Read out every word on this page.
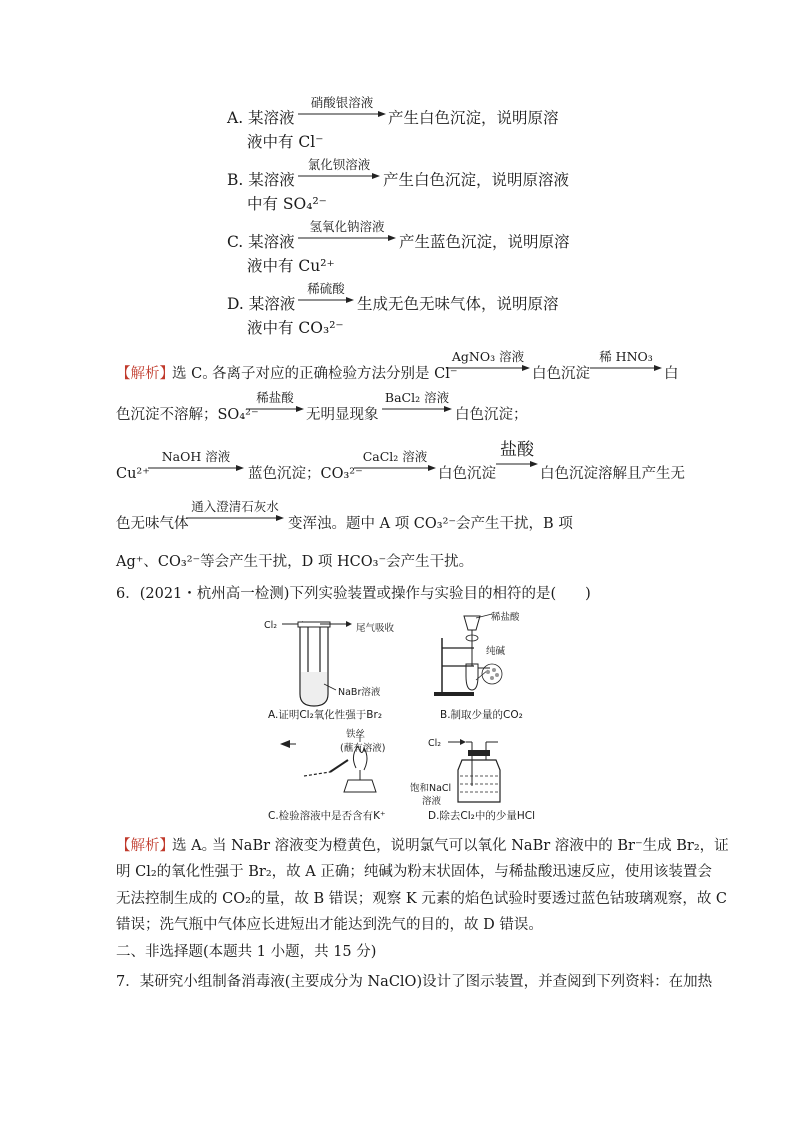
A. 某溶液
硝酸银溶液
产生白色沉淀，说明原溶
液中有 Cl⁻
B. 某溶液
氯化钡溶液
产生白色沉淀，说明原溶液
中有 SO₄²⁻
C. 某溶液
氢氧化钠溶液
产生蓝色沉淀，说明原溶
液中有 Cu²⁺
D. 某溶液
稀硫酸
生成无色无味气体，说明原溶
液中有 CO₃²⁻
【解析】
选 C。
各离子对应的正确检验方法分别是 Cl⁻
AgNO₃ 溶液
白色沉淀
稀 HNO₃
白
色沉淀不溶解；SO₄²⁻
稀盐酸
无明显现象
BaCl₂ 溶液
白色沉淀；
Cu²⁺
NaOH 溶液
蓝色沉淀；CO₃²⁻
CaCl₂ 溶液
白色沉淀
盐酸
白色沉淀溶解且产生无
色无味气体
通入澄清石灰水
变浑浊。题中 A 项 CO₃²⁻会产生干扰，B 项
Ag⁺、CO₃²⁻等会产生干扰，D 项 HCO₃⁻会产生干扰。
6．(2021・杭州高一检测)下列实验装置或操作与实验目的相符的是(　　)
Cl₂	尾气吸收
NaBr溶液
A.证明Cl₂氧化性强于Br₂
稀盐酸
纯碱
B.制取少量的CO₂
铁丝
(蘸有溶液)
C.检验溶液中是否含有K⁺
Cl₂
饱和NaCl
溶液
D.除去Cl₂中的少量HCl
【解析】
选 A。
当 NaBr 溶液变为橙黄色，说明氯气可以氧化 NaBr 溶液中的 Br⁻生成 Br₂，证
明 Cl₂的氧化性强于 Br₂，故 A 正确；纯碱为粉末状固体，与稀盐酸迅速反应，使用该装置会
无法控制生成的 CO₂的量，故 B 错误；观察 K 元素的焰色试验时要透过蓝色钴玻璃观察，故 C
错误；洗气瓶中气体应长进短出才能达到洗气的目的，故 D 错误。
二、非选择题(本题共 1 小题，共 15 分)
7．某研究小组制备消毒液(主要成分为 NaClO)设计了图示装置，并查阅到下列资料：在加热
